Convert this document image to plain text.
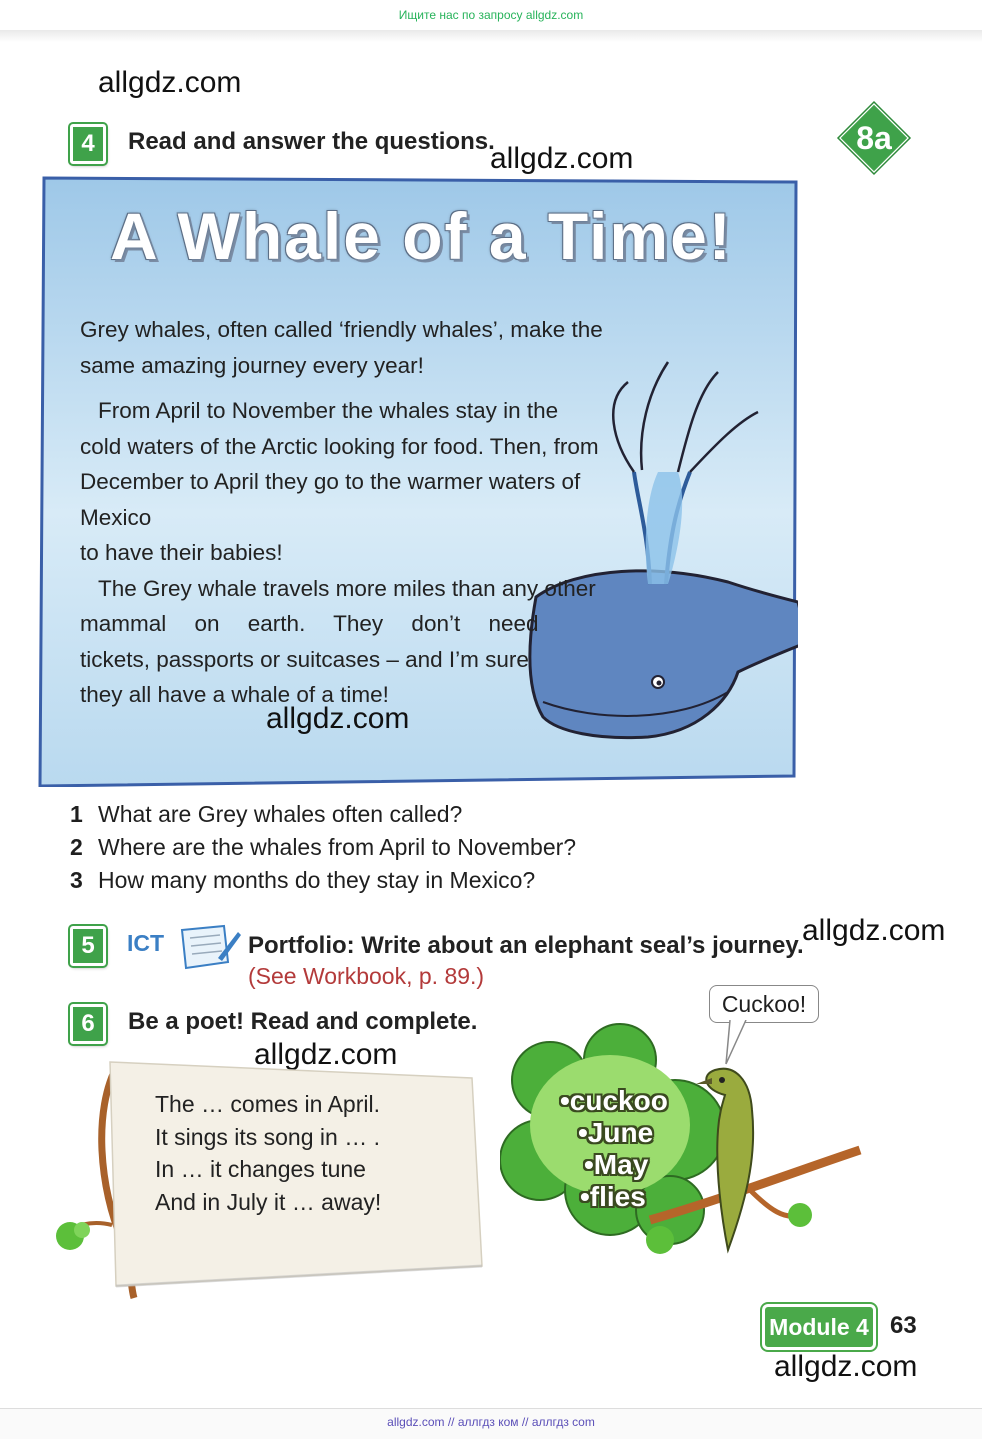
Ищите нас по запросу allgdz.com
allgdz.com
allgdz.com
4	Read and answer the questions.	8a
A Whale of a Time!

Grey whales, often called ‘friendly whales’, make the

same amazing journey every year!

From April to November the whales stay in the

cold waters of the Arctic looking for food. Then, from

December to April they go to the warmer waters of Mexico

to have their babies!

The Grey whale travels more miles than any other

mammal on earth. They don’t need

tickets, passports or suitcases – and I’m sure

they all have a whale of a time!

allgdz.com
1 What are Grey whales often called?
2 Where are the whales from April to November?
3 How many months do they stay in Mexico?
5	ICT	Portfolio: Write about an elephant seal’s journey.
(See Workbook, p. 89.)
allgdz.com
6	Be a poet! Read and complete.
allgdz.com
The … comes in April.
It sings its song in … .
In … it changes tune
And in July it … away!
Cuckoo!
•cuckoo
•June
•May
•flies
Module 4 63
allgdz.com
allgdz.com // аллгдз ком // аллгдз com
